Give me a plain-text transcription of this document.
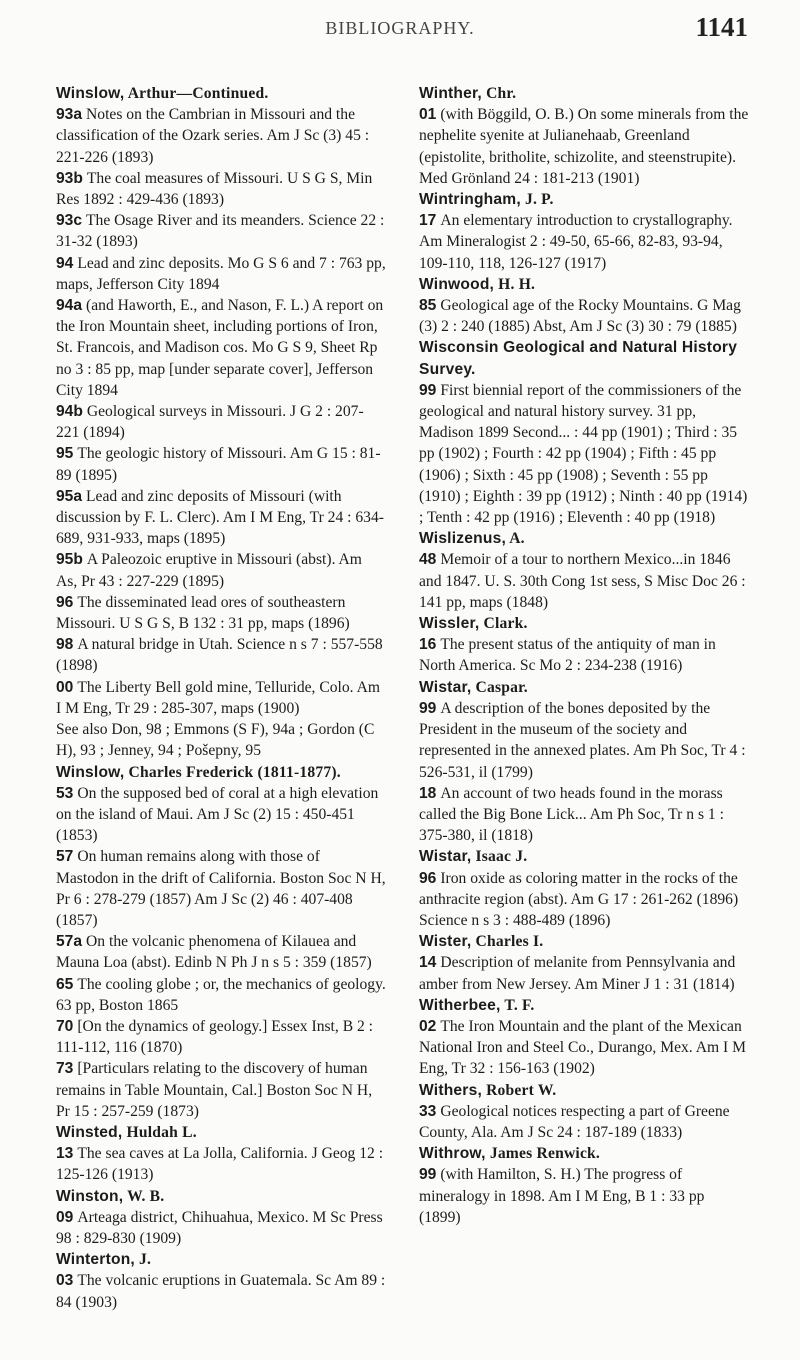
BIBLIOGRAPHY.	1141
Winslow, Arthur—Continued.
93a Notes on the Cambrian in Missouri and the classification of the Ozark series. Am J Sc (3) 45 : 221-226 (1893)
93b The coal measures of Missouri. U S G S, Min Res 1892 : 429-436 (1893)
93c The Osage River and its meanders. Science 22 : 31-32 (1893)
94 Lead and zinc deposits. Mo G S 6 and 7 : 763 pp, maps, Jefferson City 1894
94a (and Haworth, E., and Nason, F. L.) A report on the Iron Mountain sheet, including portions of Iron, St. Francois, and Madison cos. Mo G S 9, Sheet Rp no 3 : 85 pp, map [under separate cover], Jefferson City 1894
94b Geological surveys in Missouri. J G 2 : 207-221 (1894)
95 The geologic history of Missouri. Am G 15 : 81-89 (1895)
95a Lead and zinc deposits of Missouri (with discussion by F. L. Clerc). Am I M Eng, Tr 24 : 634-689, 931-933, maps (1895)
95b A Paleozoic eruptive in Missouri (abst). Am As, Pr 43 : 227-229 (1895)
96 The disseminated lead ores of southeastern Missouri. U S G S, B 132 : 31 pp, maps (1896)
98 A natural bridge in Utah. Science n s 7 : 557-558 (1898)
00 The Liberty Bell gold mine, Telluride, Colo. Am I M Eng, Tr 29 : 285-307, maps (1900)
See also Don, 98 ; Emmons (S F), 94a ; Gordon (C H), 93 ; Jenney, 94 ; Pošepny, 95
Winslow, Charles Frederick (1811-1877).
53 On the supposed bed of coral at a high elevation on the island of Maui. Am J Sc (2) 15 : 450-451 (1853)
57 On human remains along with those of Mastodon in the drift of California. Boston Soc N H, Pr 6 : 278-279 (1857) Am J Sc (2) 46 : 407-408 (1857)
57a On the volcanic phenomena of Kilauea and Mauna Loa (abst). Edinb N Ph J n s 5 : 359 (1857)
65 The cooling globe ; or, the mechanics of geology. 63 pp, Boston 1865
70 [On the dynamics of geology.] Essex Inst, B 2 : 111-112, 116 (1870)
73 [Particulars relating to the discovery of human remains in Table Mountain, Cal.] Boston Soc N H, Pr 15 : 257-259 (1873)
Winsted, Huldah L.
13 The sea caves at La Jolla, California. J Geog 12 : 125-126 (1913)
Winston, W. B.
09 Arteaga district, Chihuahua, Mexico. M Sc Press 98 : 829-830 (1909)
Winterton, J.
03 The volcanic eruptions in Guatemala. Sc Am 89 : 84 (1903)
Winther, Chr.
01 (with Böggild, O. B.) On some minerals from the nephelite syenite at Julianehaab, Greenland (epistolite, britholite, schizolite, and steenstrupite). Med Grönland 24 : 181-213 (1901)
Wintringham, J. P.
17 An elementary introduction to crystallography. Am Mineralogist 2 : 49-50, 65-66, 82-83, 93-94, 109-110, 118, 126-127 (1917)
Winwood, H. H.
85 Geological age of the Rocky Mountains. G Mag (3) 2 : 240 (1885) Abst, Am J Sc (3) 30 : 79 (1885)
Wisconsin Geological and Natural History Survey.
99 First biennial report of the commissioners of the geological and natural history survey. 31 pp, Madison 1899 Second... : 44 pp (1901) ; Third : 35 pp (1902) ; Fourth : 42 pp (1904) ; Fifth : 45 pp (1906) ; Sixth : 45 pp (1908) ; Seventh : 55 pp (1910) ; Eighth : 39 pp (1912) ; Ninth : 40 pp (1914) ; Tenth : 42 pp (1916) ; Eleventh : 40 pp (1918)
Wislizenus, A.
48 Memoir of a tour to northern Mexico...in 1846 and 1847. U. S. 30th Cong 1st sess, S Misc Doc 26 : 141 pp, maps (1848)
Wissler, Clark.
16 The present status of the antiquity of man in North America. Sc Mo 2 : 234-238 (1916)
Wistar, Caspar.
99 A description of the bones deposited by the President in the museum of the society and represented in the annexed plates. Am Ph Soc, Tr 4 : 526-531, il (1799)
18 An account of two heads found in the morass called the Big Bone Lick... Am Ph Soc, Tr n s 1 : 375-380, il (1818)
Wistar, Isaac J.
96 Iron oxide as coloring matter in the rocks of the anthracite region (abst). Am G 17 : 261-262 (1896) Science n s 3 : 488-489 (1896)
Wister, Charles I.
14 Description of melanite from Pennsylvania and amber from New Jersey. Am Miner J 1 : 31 (1814)
Witherbee, T. F.
02 The Iron Mountain and the plant of the Mexican National Iron and Steel Co., Durango, Mex. Am I M Eng, Tr 32 : 156-163 (1902)
Withers, Robert W.
33 Geological notices respecting a part of Greene County, Ala. Am J Sc 24 : 187-189 (1833)
Withrow, James Renwick.
99 (with Hamilton, S. H.) The progress of mineralogy in 1898. Am I M Eng, B 1 : 33 pp (1899)
